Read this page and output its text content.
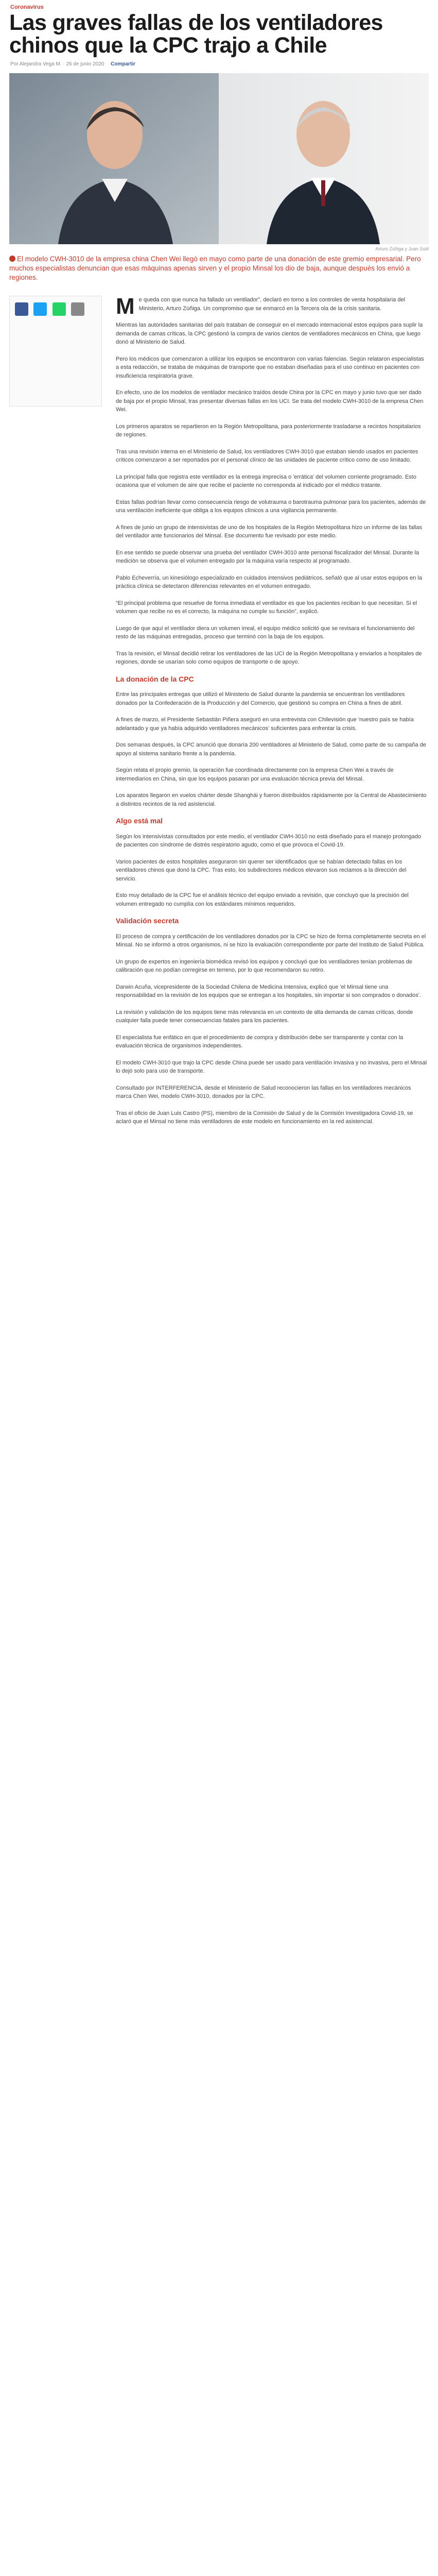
Coronavirus
Las graves fallas de los ventiladores chinos que la CPC trajo a Chile
Por Alejandra Vega M. · 26 de junio 2020 Compartir
Arturo Zúñiga y Juan Sutil

El modelo CWH-3010 de la empresa china Chen Wei llegó en mayo como parte de una donación de este gremio empresarial. Pero muchos especialistas denuncian que esas máquinas apenas sirven y el propio Minsal los dio de baja, aunque después los envió a regiones.

Me queda con que nunca ha fallado un ventilador”, declaró en torno a los controles de venta hospitalaria del Ministerio, Arturo Zúñiga. Un compromiso que se enmarcó en la Tercera ola de la crisis sanitaria.

Mientras las autoridades sanitarias del país trataban de conseguir en el mercado internacional estos equipos para suplir la demanda de camas críticas, la CPC gestionó la compra de varios cientos de ventiladores mecánicos en China, que luego donó al Ministerio de Salud.

Pero los médicos que comenzaron a utilizar los equipos se encontraron con varias falencias. Según relataron especialistas a esta redacción, se trataba de máquinas de transporte que no estaban diseñadas para el uso continuo en pacientes con insuficiencia respiratoria grave.

En efecto, uno de los modelos de ventilador mecánico traídos desde China por la CPC en mayo y junio tuvo que ser dado de baja por el propio Minsal, tras presentar diversas fallas en los UCI. Se trata del modelo CWH-3010 de la empresa Chen Wei.

Los primeros aparatos se repartieron en la Región Metropolitana, para posteriormente trasladarse a recintos hospitalarios de regiones.

Tras una revisión interna en el Ministerio de Salud, los ventiladores CWH-3010 que estaban siendo usados en pacientes críticos comenzaron a ser reportados por el personal clínico de las unidades de paciente crítico como de uso limitado.

La principal falla que registra este ventilador es la entrega imprecisa o 'errática' del volumen corriente programado. Esto ocasiona que el volumen de aire que recibe el paciente no corresponda al indicado por el médico tratante.

Estas fallas podrían llevar como consecuencia riesgo de volutrauma o barotrauma pulmonar para los pacientes, además de una ventilación ineficiente que obliga a los equipos clínicos a una vigilancia permanente.

A fines de junio un grupo de intensivistas de uno de los hospitales de la Región Metropolitana hizo un informe de las fallas del ventilador ante funcionarios del Minsal. Ese documento fue revisado por este medio.

En ese sentido se puede observar una prueba del ventilador CWH-3010 ante personal fiscalizador del Minsal. Durante la medición se observa que el volumen entregado por la máquina varía respecto al programado.

Pablo Echeverría, un kinesiólogo especializado en cuidados intensivos pediátricos, señaló que al usar estos equipos en la práctica clínica se detectaron diferencias relevantes en el volumen entregado.

“El principal problema que resuelve de forma inmediata el ventilador es que los pacientes reciban lo que necesitan. Si el volumen que recibe no es el correcto, la máquina no cumple su función”, explicó.

Luego de que aquí el ventilador diera un volumen irreal, el equipo médico solicitó que se revisara el funcionamiento del resto de las máquinas entregadas, proceso que terminó con la baja de los equipos.

Tras la revisión, el Minsal decidió retirar los ventiladores de las UCI de la Región Metropolitana y enviarlos a hospitales de regiones, donde se usarían solo como equipos de transporte o de apoyo.

La donación de la CPC

Entre las principales entregas que utilizó el Ministerio de Salud durante la pandemia se encuentran los ventiladores donados por la Confederación de la Producción y del Comercio, que gestionó su compra en China a fines de abril.

A fines de marzo, el Presidente Sebastián Piñera aseguró en una entrevista con Chilevisión que 'nuestro país se había adelantado y que ya había adquirido ventiladores mecánicos' suficientes para enfrentar la crisis.

Dos semanas después, la CPC anunció que donaría 200 ventiladores al Ministerio de Salud, como parte de su campaña de apoyo al sistema sanitario frente a la pandemia.

Según relata el propio gremio, la operación fue coordinada directamente con la empresa Chen Wei a través de intermediarios en China, sin que los equipos pasaran por una evaluación técnica previa del Minsal.

Los aparatos llegaron en vuelos chárter desde Shanghái y fueron distribuidos rápidamente por la Central de Abastecimiento a distintos recintos de la red asistencial.

Algo está mal

Según los intensivistas consultados por este medio, el ventilador CWH-3010 no está diseñado para el manejo prolongado de pacientes con síndrome de distrés respiratorio agudo, como el que provoca el Covid-19.

Varios pacientes de estos hospitales aseguraron sin querer ser identificados que se habían detectado fallas en los ventiladores chinos que donó la CPC. Tras esto, los subdirectores médicos elevaron sus reclamos a la dirección del servicio.

Esto muy detallado de la CPC fue el análisis técnico del equipo enviado a revisión, que concluyó que la precisión del volumen entregado no cumplía con los estándares mínimos requeridos.

Validación secreta

El proceso de compra y certificación de los ventiladores donados por la CPC se hizo de forma completamente secreta en el Minsal. No se informó a otros organismos, ni se hizo la evaluación correspondiente por parte del Instituto de Salud Pública.

Un grupo de expertos en ingeniería biomédica revisó los equipos y concluyó que los ventiladores tenían problemas de calibración que no podían corregirse en terreno, por lo que recomendaron su retiro.

Darwin Acuña, vicepresidente de la Sociedad Chilena de Medicina Intensiva, explicó que 'el Minsal tiene una responsabilidad en la revisión de los equipos que se entregan a los hospitales, sin importar si son comprados o donados'.

La revisión y validación de los equipos tiene más relevancia en un contexto de alta demanda de camas críticas, donde cualquier falla puede tener consecuencias fatales para los pacientes.

El especialista fue enfático en que el procedimiento de compra y distribución debe ser transparente y contar con la evaluación técnica de organismos independientes.

El modelo CWH-3010 que trajo la CPC desde China puede ser usado para ventilación invasiva y no invasiva, pero el Minsal lo dejó solo para uso de transporte.

Consultado por INTERFERENCIA, desde el Ministerio de Salud reconocieron las fallas en los ventiladores mecánicos marca Chen Wei, modelo CWH-3010, donados por la CPC.

Tras el oficio de Juan Luis Castro (PS), miembro de la Comisión de Salud y de la Comisión Investigadora Covid-19, se aclaró que el Minsal no tiene más ventiladores de este modelo en funcionamiento en la red asistencial.
